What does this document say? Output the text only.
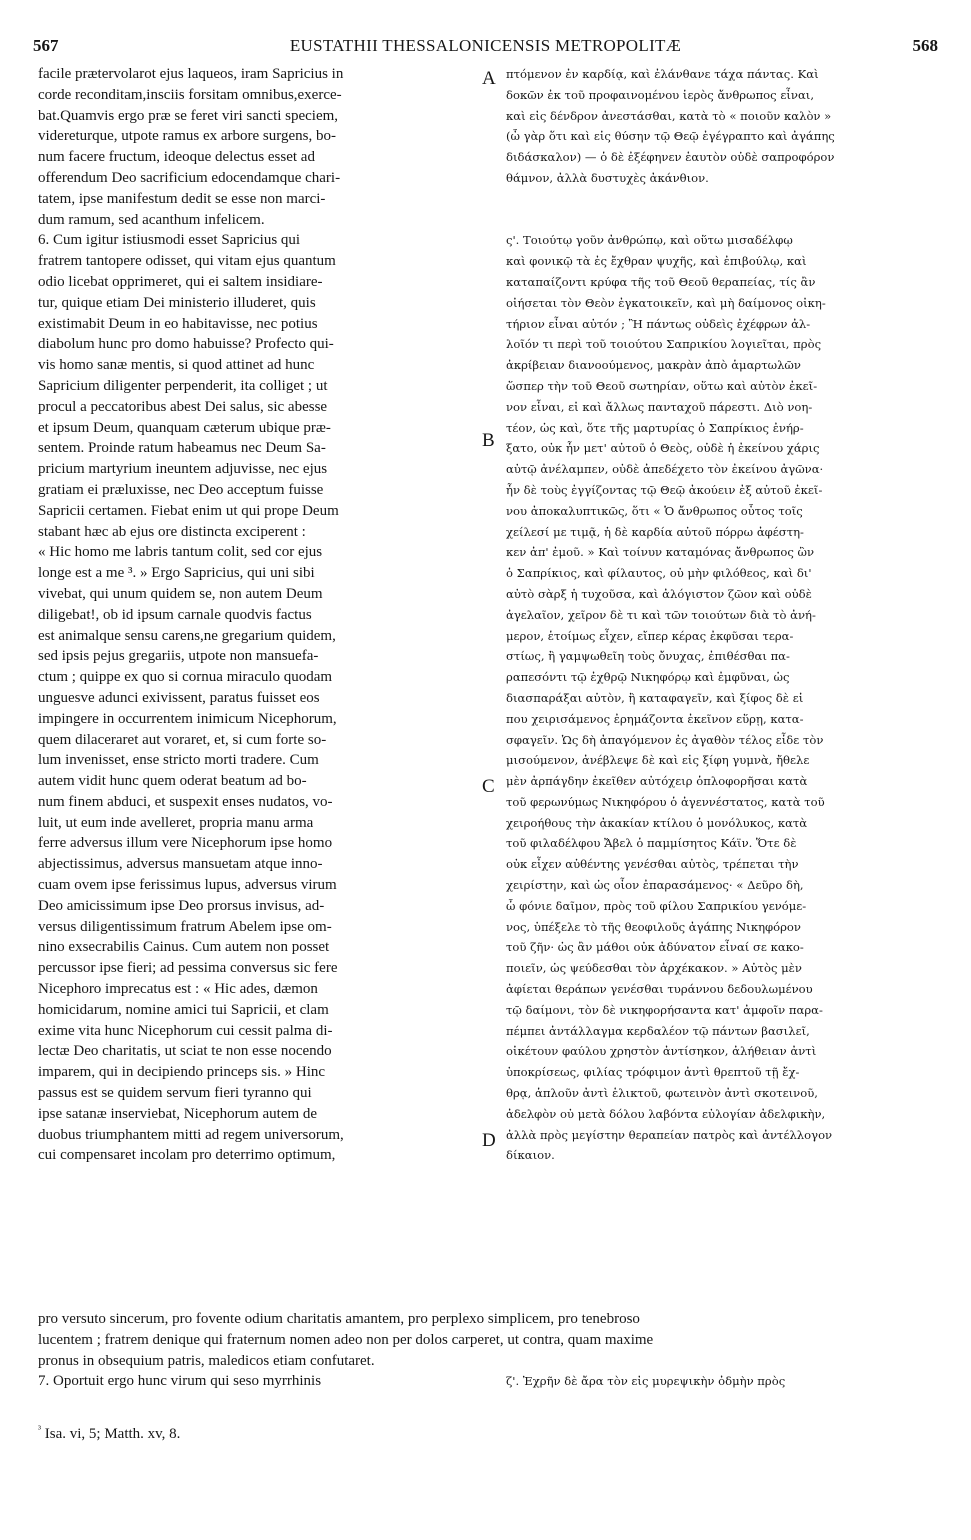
567	EUSTATHII THESSALONICENSIS METROPOLITÆ	568
facile prætervolarot ejus laqueos, iram Sapricius in
corde reconditam,insciis forsitam omnibus,exerce-
bat.Quamvis ergo præ se feret viri sancti speciem,
videreturque, utpote ramus ex arbore surgens, bo-
num facere fructum, ideoque delectus esset ad
offerendum Deo sacrificium edocendamque chari-
tatem, ipse manifestum dedit se esse non marci-
dum ramum, sed acanthum infelicem.
6. Cum igitur istiusmodi esset Sapricius qui
fratrem tantopere odisset, qui vitam ejus quantum
odio licebat opprimeret, qui ei saltem insidiare-
tur, quique etiam Dei ministerio illuderet, quis
existimabit Deum in eo habitavisse, nec potius
diabolum hunc pro domo habuisse? Profecto qui-
vis homo sanæ mentis, si quod attinet ad hunc
Sapricium diligenter perpenderit, ita colliget ; ut
procul a peccatoribus abest Dei salus, sic abesse
et ipsum Deum, quanquam cæterum ubique præ-
sentem. Proinde ratum habeamus nec Deum Sa-
pricium martyrium ineuntem adjuvisse, nec ejus
gratiam ei præluxisse, nec Deo acceptum fuisse
Sapricii certamen. Fiebat enim ut qui prope Deum
stabant hæc ab ejus ore distincta exciperent :
« Hic homo me labris tantum colit, sed cor ejus
longe est a me ³. » Ergo Sapricius, qui uni sibi
vivebat, qui unum quidem se, non autem Deum
diligebat!, ob id ipsum carnale quodvis factus
est animalque sensu carens,ne gregarium quidem,
sed ipsis pejus gregariis, utpote non mansuefa-
ctum ; quippe ex quo si cornua miraculo quodam
unguesve adunci exivissent, paratus fuisset eos
impingere in occurrentem inimicum Nicephorum,
quem dilaceraret aut voraret, et, si cum forte so-
lum invenisset, ense stricto morti tradere. Cum
autem vidit hunc quem oderat beatum ad bo-
num finem abduci, et suspexit enses nudatos, vo-
luit, ut eum inde avelleret, propria manu arma
ferre adversus illum vere Nicephorum ipse homo
abjectissimus, adversus mansuetam atque inno-
cuam ovem ipse ferissimus lupus, adversus virum
Deo amicissimum ipse Deo prorsus invisus, ad-
versus diligentissimum fratrum Abelem ipse om-
nino exsecrabilis Cainus. Cum autem non posset
percussor ipse fieri; ad pessima conversus sic fere
Nicephoro imprecatus est : « Hic ades, dæmon
homicidarum, nomine amici tui Sapricii, et clam
exime vita hunc Nicephorum cui cessit palma di-
lectæ Deo charitatis, ut sciat te non esse nocendo
imparem, qui in decipiendo princeps sis. » Hinc
passus est se quidem servum fieri tyranno qui
ipse satanæ inserviebat, Nicephorum autem de
duobus triumphantem mitti ad regem universorum,
cui compensaret incolam pro deterrimo optimum,
πτόμενον ἐν καρδίᾳ, καὶ ἐλάνθανε τάχα πάντας. Καὶ
δοκῶν ἐκ τοῦ προφαινομένου ἱερὸς ἄνθρωπος εἶναι,
καὶ εἰς δένδρον ἀνεστάσθαι, κατὰ τὸ « ποιοῦν καλὸν »
(ὦ γὰρ ὅτι καὶ εἰς θύσην τῷ Θεῷ ἐγέγραπτο καὶ ἀγάπης
διδάσκαλον) — ὁ δὲ ἐξέφηνεν ἑαυτὸν οὐδὲ σαπροφόρον
θάμνον, ἀλλὰ δυστυχὲς ἀκάνθιον.
ς'. Τοιούτῳ γοῦν ἀνθρώπῳ, καὶ οὕτω μισαδέλφῳ
καὶ φονικῷ τὰ ἐς ἔχθραν ψυχῆς, καὶ ἐπιβούλῳ, καὶ
καταπαίζοντι κρύφα τῆς τοῦ Θεοῦ θεραπείας, τίς ἂν
οἰήσεται τὸν Θεὸν ἐγκατοικεῖν, καὶ μὴ δαίμονος οἰκη-
τήριον εἶναι αὐτόν ; Ἢ πάντως οὐδεὶς ἐχέφρων ἀλ-
λοῖόν τι περὶ τοῦ τοιούτου Σαπρικίου λογιεῖται, πρὸς
ἀκρίβειαν διανοούμενος, μακρὰν ἀπὸ ἁμαρτωλῶν
ὥσπερ τὴν τοῦ Θεοῦ σωτηρίαν, οὕτω καὶ αὐτὸν ἐκεῖ-
νον εἶναι, εἰ καὶ ἄλλως πανταχοῦ πάρεστι. Διὸ νοη-
τέον, ὡς καὶ, ὅτε τῆς μαρτυρίας ὁ Σαπρίκιος ἐνήρ-
ξατο, οὐκ ἦν μετ' αὐτοῦ ὁ Θεὸς, οὐδὲ ἡ ἐκείνου χάρις
αὐτῷ ἀνέλαμπεν, οὐδὲ ἀπεδέχετο τὸν ἐκείνου ἀγῶνα·
ἦν δὲ τοὺς ἐγγίζοντας τῷ Θεῷ ἀκούειν ἐξ αὐτοῦ ἐκεῖ-
νου ἀποκαλυπτικῶς, ὅτι « Ὁ ἄνθρωπος οὗτος τοῖς
χείλεσί με τιμᾷ, ἡ δὲ καρδία αὐτοῦ πόρρω ἀφέστη-
κεν ἀπ' ἐμοῦ. » Καὶ τοίνυν καταμόνας ἄνθρωπος ὢν
ὁ Σαπρίκιος, καὶ φίλαυτος, οὐ μὴν φιλόθεος, καὶ δι'
αὐτὸ σὰρξ ἡ τυχοῦσα, καὶ ἀλόγιστον ζῶον καὶ οὐδὲ
ἀγελαῖον, χεῖρον δὲ τι καὶ τῶν τοιούτων διὰ τὸ ἀνή-
μερον, ἑτοίμως εἶχεν, εἴπερ κέρας ἐκφῦσαι τερα-
στίως, ἢ γαμψωθεῖη τοὺς ὄνυχας, ἐπιθέσθαι πα-
ραπεσόντι τῷ ἐχθρῷ Νικηφόρῳ καὶ ἐμφῦναι, ὡς
διασπαράξαι αὐτὸν, ἢ καταφαγεῖν, καὶ ξίφος δὲ εἰ
που χειρισάμενος ἐρημάζοντα ἐκεῖνον εὕρῃ, κατα-
σφαγεῖν. Ὡς δὴ ἀπαγόμενον ἐς ἀγαθὸν τέλος εἶδε τὸν
μισούμενον, ἀνέβλεψε δὲ καὶ εἰς ξίφη γυμνὰ, ἤθελε
μὲν ἀρπάγδην ἐκεῖθεν αὐτόχειρ ὁπλοφορῆσαι κατὰ
τοῦ φερωνύμως Νικηφόρου ὁ ἀγεννέστατος, κατὰ τοῦ
χειροήθους τὴν ἀκακίαν κτίλου ὁ μονόλυκος, κατὰ
τοῦ φιλαδέλφου Ἄβελ ὁ παμμίσητος Κάϊν. Ὅτε δὲ
οὐκ εἶχεν αὐθέντης γενέσθαι αὐτὸς, τρέπεται τὴν
χειρίστην, καὶ ὡς οἷον ἐπαρασάμενος· « Δεῦρο δὴ,
ὦ φόνιε δαῖμον, πρὸς τοῦ φίλου Σαπρικίου γενόμε-
νος, ὑπέξελε τὸ τῆς θεοφιλοῦς ἀγάπης Νικηφόρον
τοῦ ζῆν· ὡς ἂν μάθοι οὐκ ἀδύνατον εἶναί σε κακο-
ποιεῖν, ὡς ψεύδεσθαι τὸν ἀρχέκακον. » Αὐτὸς μὲν
ἀφίεται θεράπων γενέσθαι τυράννου δεδουλωμένου
τῷ δαίμονι, τὸν δὲ νικηφορήσαντα κατ' ἀμφοῖν παρα-
πέμπει ἀντάλλαγμα κερδαλέον τῷ πάντων βασιλεῖ,
οἰκέτουν φαύλου χρηστὸν ἀντίσηκον, ἀλήθειαν ἀντὶ
ὑποκρίσεως, φιλίας τρόφιμον ἀντὶ θρεπτοῦ τῇ ἔχ-
θρᾳ, ἁπλοῦν ἀντὶ ἑλικτοῦ, φωτεινὸν ἀντὶ σκοτεινοῦ,
ἀδελφὸν οὐ μετὰ δόλου λαβόντα εὐλογίαν ἀδελφικὴν,
ἀλλὰ πρὸς μεγίστην θεραπείαν πατρὸς καὶ ἀντέλλογον
δίκαιον.
A
B
C
D
pro versuto sincerum, pro fovente odium charitatis amantem, pro perplexo simplicem, pro tenebroso
lucentem ; fratrem denique qui fraternum nomen adeo non per dolos carperet, ut contra, quam maxime
pronus in obsequium patris, maledicos etiam confutaret.
7. Oportuit ergo hunc virum qui seso myrrhinis	ζ'. Ἐχρῆν δὲ ἄρα τὸν εἰς μυρεψικὴν ὀδμὴν πρὸς
$^{^3}$ Isa. vi, 5; Matth. xv, 8.
